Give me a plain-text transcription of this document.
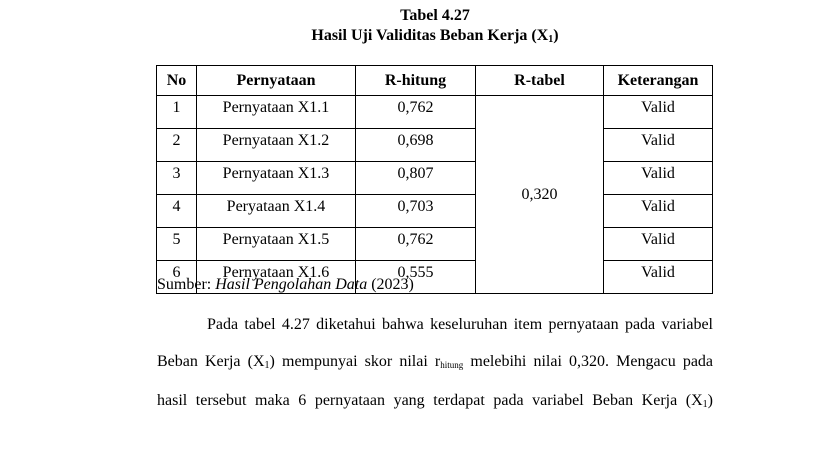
Tabel 4.27
Hasil Uji Validitas Beban Kerja $(X_1)$
No	Pernyataan	R-hitung	R-tabel	Keterangan
1	Pernyataan X1.1	0,762	0,320	Valid
2	Pernyataan X1.2	0,698		Valid
3	Pernyataan X1.3	0,807		Valid
4	Peryataan X1.4	0,703		Valid
5	Pernyataan X1.5	0,762		Valid
6	Pernyataan X1.6	0,555		Valid
Sumber: Hasil Pengolahan Data (2023)
Pada tabel 4.27 diketahui bahwa keseluruhan item pernyataan pada variabel
Beban Kerja $(X_1)$ mempunyai skor nilai rhitung melebihi nilai 0,320. Mengacu pada
hasil tersebut maka 6 pernyataan yang terdapat pada variabel Beban Kerja $(X_1)$
